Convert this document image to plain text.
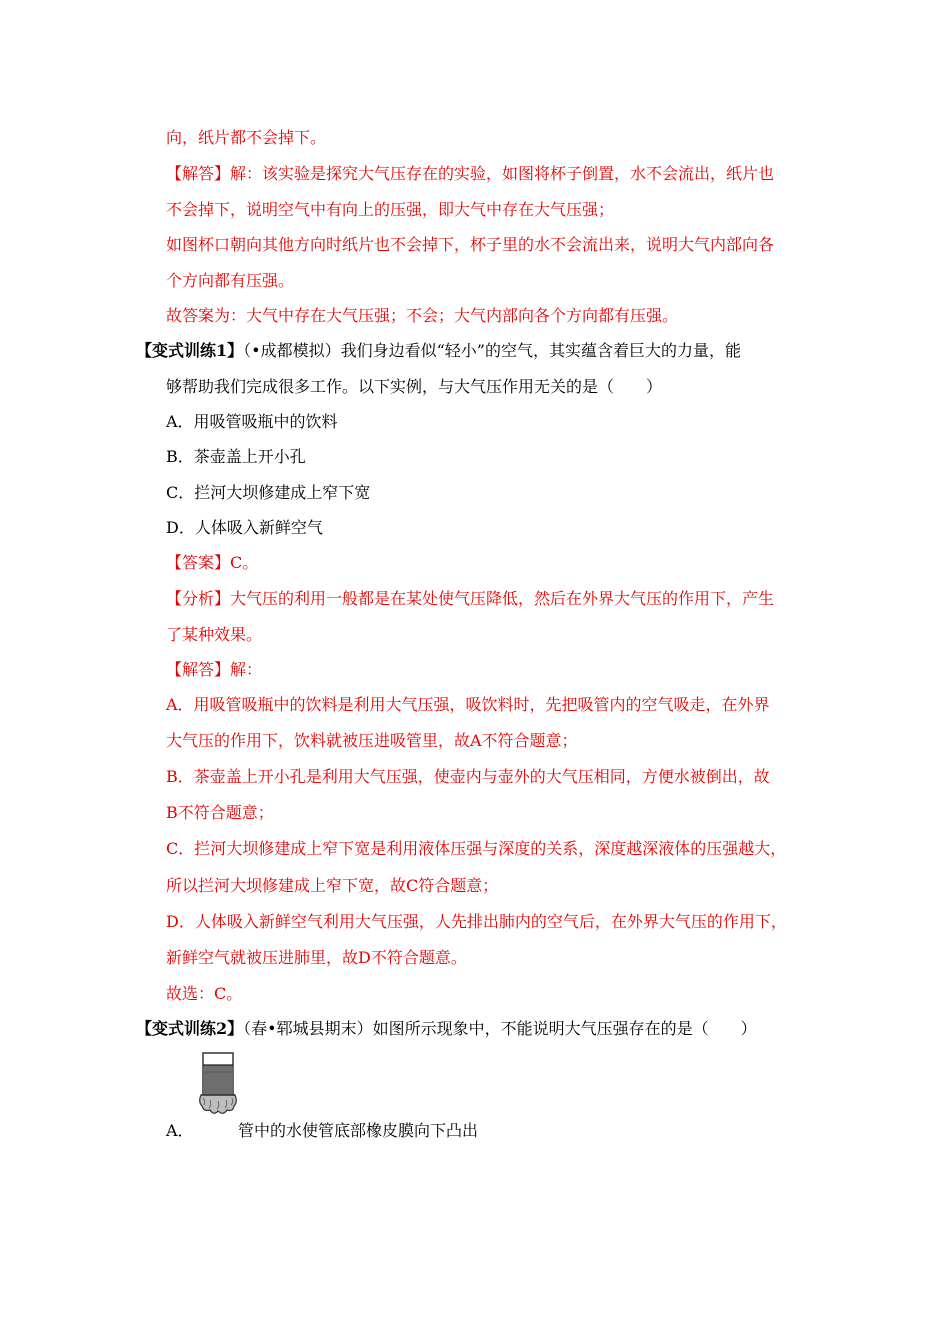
向，纸片都不会掉下。
【解答】解：该实验是探究大气压存在的实验，如图将杯子倒置，水不会流出，纸片也
不会掉下，说明空气中有向上的压强，即大气中存在大气压强；
如图杯口朝向其他方向时纸片也不会掉下，杯子里的水不会流出来，说明大气内部向各
个方向都有压强。
故答案为：大气中存在大气压强；不会；大气内部向各个方向都有压强。
【变式训练1】（•成都模拟）我们身边看似“轻小”的空气，其实蕴含着巨大的力量，能
够帮助我们完成很多工作。以下实例，与大气压作用无关的是（　　）
A．用吸管吸瓶中的饮料
B．茶壶盖上开小孔
C．拦河大坝修建成上窄下宽
D．人体吸入新鲜空气
【答案】C。
【分析】大气压的利用一般都是在某处使气压降低，然后在外界大气压的作用下，产生
了某种效果。
【解答】解：
A．用吸管吸瓶中的饮料是利用大气压强，吸饮料时，先把吸管内的空气吸走，在外界
大气压的作用下，饮料就被压进吸管里，故A不符合题意；
B．茶壶盖上开小孔是利用大气压强，使壶内与壶外的大气压相同，方便水被倒出，故
B不符合题意；
C．拦河大坝修建成上窄下宽是利用液体压强与深度的关系，深度越深液体的压强越大，
所以拦河大坝修建成上窄下宽，故C符合题意；
D．人体吸入新鲜空气利用大气压强，人先排出肺内的空气后，在外界大气压的作用下，
新鲜空气就被压进肺里，故D不符合题意。
故选：C。
【变式训练2】（春•郓城县期末）如图所示现象中，不能说明大气压强存在的是（　　）
A．	管中的水使管底部橡皮膜向下凸出
